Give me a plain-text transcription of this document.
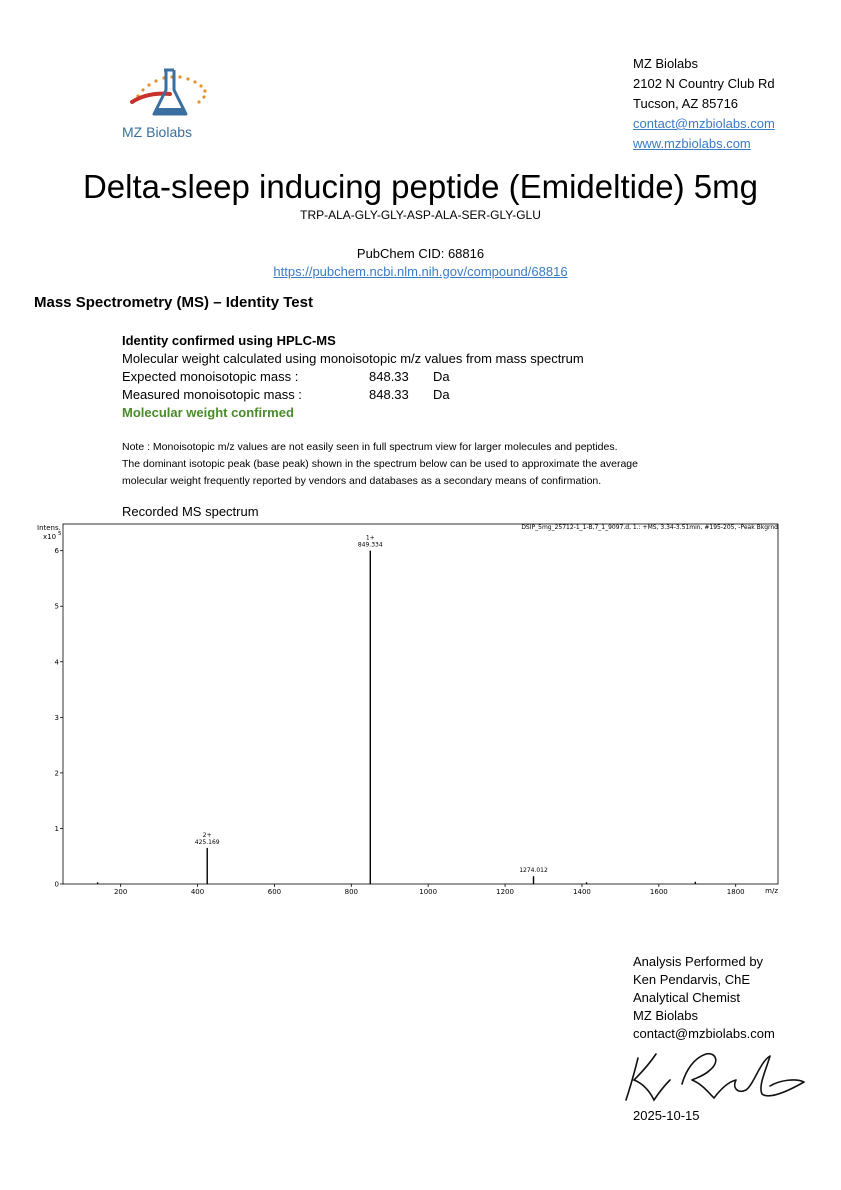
MZ Biolabs
MZ Biolabs
2102 N Country Club Rd
Tucson, AZ 85716
contact@mzbiolabs.com
www.mzbiolabs.com
Delta-sleep inducing peptide (Emideltide) 5mg
TRP-ALA-GLY-GLY-ASP-ALA-SER-GLY-GLU
PubChem CID: 68816
https://pubchem.ncbi.nlm.nih.gov/compound/68816
Mass Spectrometry (MS) – Identity Test
Identity confirmed using HPLC-MS
Molecular weight calculated using monoisotopic m/z values from mass spectrum
Expected monoisotopic mass :	848.33	Da
Measured monoisotopic mass :	848.33	Da
Molecular weight confirmed
Note : Monoisotopic m/z values are not easily seen in full spectrum view for larger molecules and peptides.
The dominant isotopic peak (base peak) shown in the spectrum below can be used to approximate the average
molecular weight frequently reported by vendors and databases as a secondary means of confirmation.
Recorded MS spectrum
Intens.
x10 5
DSIP_5mg_25712-1_1-B,7_1_9097.d, 1.: +MS, 3.34-3.51min, #195-205, -Peak Bkgrnd
m/z
0
1
2
3
4
5
6
200	400	600	800	1000	1200	1400	1600	1800
425.169
2+
849.334
1+
1274.012
Analysis Performed by
Ken Pendarvis, ChE
Analytical Chemist
MZ Biolabs
contact@mzbiolabs.com
2025-10-15
